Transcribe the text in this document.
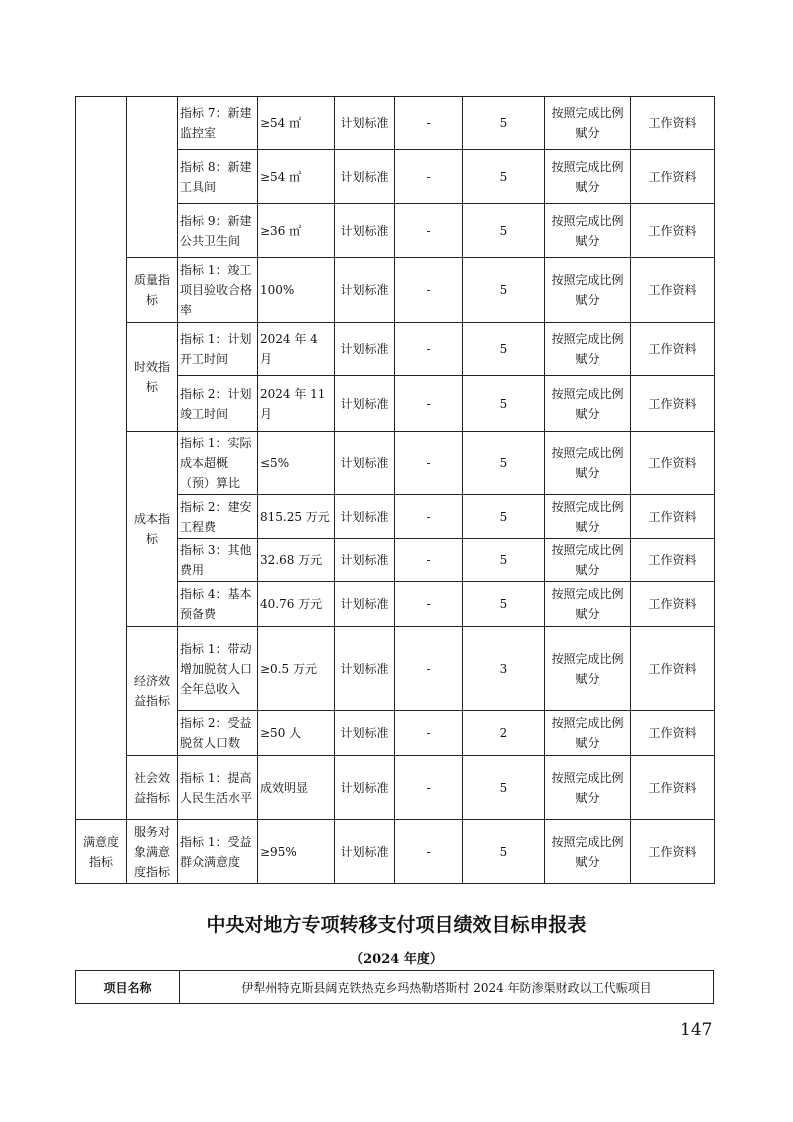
		指标 7：新建监控室	≥54 ㎡	计划标准	-	5	按照完成比例赋分	工作资料
		指标 8：新建工具间	≥54 ㎡	计划标准	-	5	按照完成比例赋分	工作资料
		指标 9：新建公共卫生间	≥36 ㎡	计划标准	-	5	按照完成比例赋分	工作资料
	质量指标	指标 1：竣工项目验收合格率	100%	计划标准	-	5	按照完成比例赋分	工作资料
	时效指标	指标 1：计划开工时间	2024 年 4 月	计划标准	-	5	按照完成比例赋分	工作资料
		指标 2：计划竣工时间	2024 年 11 月	计划标准	-	5	按照完成比例赋分	工作资料
	成本指标	指标 1：实际成本超概（预）算比	≤5%	计划标准	-	5	按照完成比例赋分	工作资料
		指标 2：建安工程费	815.25 万元	计划标准	-	5	按照完成比例赋分	工作资料
		指标 3：其他费用	32.68 万元	计划标准	-	5	按照完成比例赋分	工作资料
		指标 4：基本预备费	40.76 万元	计划标准	-	5	按照完成比例赋分	工作资料
	经济效益指标	指标 1：带动增加脱贫人口全年总收入	≥0.5 万元	计划标准	-	3	按照完成比例赋分	工作资料
		指标 2：受益脱贫人口数	≥50 人	计划标准	-	2	按照完成比例赋分	工作资料
	社会效益指标	指标 1：提高人民生活水平	成效明显	计划标准	-	5	按照完成比例赋分	工作资料
满意度指标	服务对象满意度指标	指标 1：受益群众满意度	≥95%	计划标准	-	5	按照完成比例赋分	工作资料
中央对地方专项转移支付项目绩效目标申报表
（2024 年度）
项目名称	伊犁州特克斯县阔克铁热克乡玛热勒塔斯村 2024 年防渗渠财政以工代赈项目
147
